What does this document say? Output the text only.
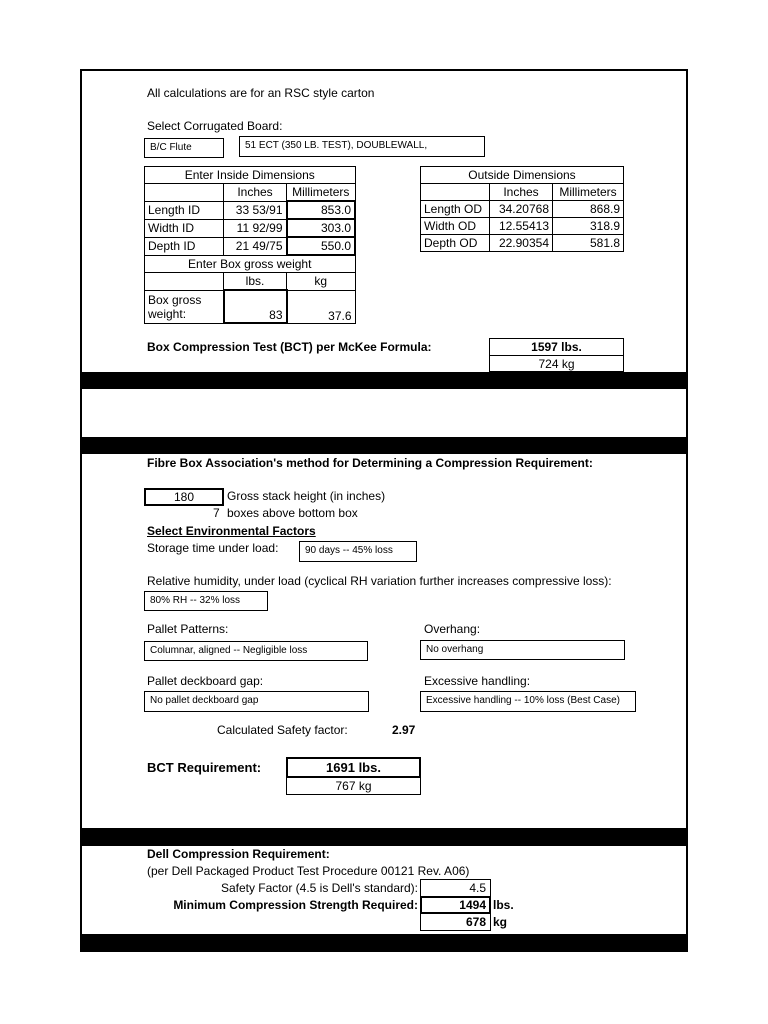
All calculations are for an RSC style carton
Select Corrugated Board:
B/C Flute	51 ECT (350 LB. TEST), DOUBLEWALL,
Enter Inside Dimensions		
	Inches	Millimeters
Length ID	33 53/91	853.0
Width ID	11 92/99	303.0
Depth ID	21 49/75	550.0
Enter Box gross weight		
	lbs.	kg
Box gross weight:	83	37.6
Outside Dimensions		
	Inches	Millimeters
Length OD	34.20768	868.9
Width OD	12.55413	318.9
Depth OD	22.90354	581.8
Box Compression Test (BCT) per McKee Formula:	1597 lbs.
724 kg
Fibre Box Association's method for Determining a Compression Requirement:
180	Gross stack height (in inches)
7 boxes above bottom box
Select Environmental Factors
Storage time under load:	90 days -- 45% loss
Relative humidity, under load (cyclical RH variation further increases compressive loss):
80% RH -- 32% loss
Pallet Patterns:
Columnar, aligned -- Negligible loss
Overhang:
No overhang
Pallet deckboard gap:
No pallet deckboard gap
Excessive handling:
Excessive handling -- 10% loss (Best Case)
Calculated Safety factor:	2.97
BCT Requirement:	1691 lbs.
767 kg
Dell Compression Requirement:
(per Dell Packaged Product Test Procedure 00121 Rev. A06)
Safety Factor (4.5 is Dell's standard):	4.5
Minimum Compression Strength Required:	1494 lbs.
678 kg
